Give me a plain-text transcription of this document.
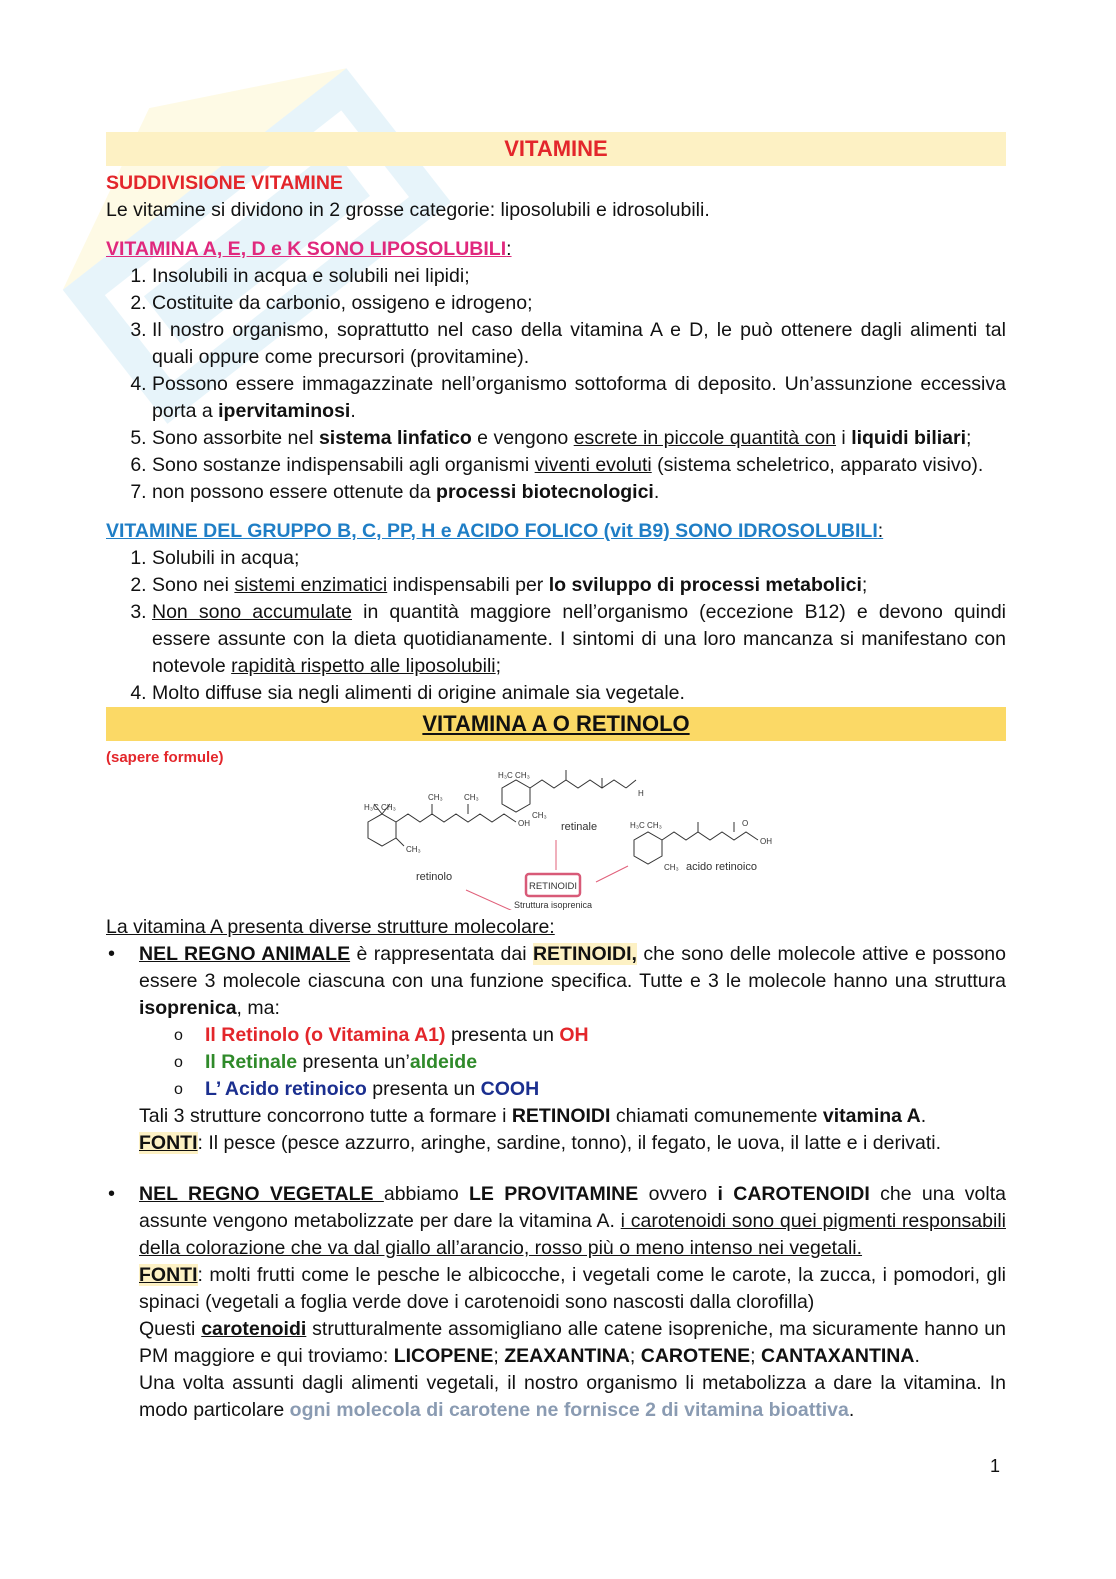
VITAMINE
SUDDIVISIONE VITAMINE

Le vitamine si dividono in 2 grosse categorie: liposolubili e idrosolubili.

VITAMINA A, E, D e K SONO LIPOSOLUBILI:
1. Insolubili in acqua e solubili nei lipidi;
2. Costituite da carbonio, ossigeno e idrogeno;
3. Il nostro organismo, soprattutto nel caso della vitamina A e D, le può ottenere dagli alimenti tal quali oppure come precursori (provitamine).
4. Possono essere immagazzinate nell’organismo sottoforma di deposito. Un’assunzione eccessiva porta a ipervitaminosi.
5. Sono assorbite nel sistema linfatico e vengono escrete in piccole quantità con i liquidi biliari;
6. Sono sostanze indispensabili agli organismi viventi evoluti (sistema scheletrico, apparato visivo).
7. non possono essere ottenute da processi biotecnologici.
VITAMINE DEL GRUPPO B, C, PP, H e ACIDO FOLICO (vit B9) SONO IDROSOLUBILI:
1. Solubili in acqua;
2. Sono nei sistemi enzimatici indispensabili per lo sviluppo di processi metabolici;
3. Non sono accumulate in quantità maggiore nell’organismo (eccezione B12) e devono quindi essere assunte con la dieta quotidianamente. I sintomi di una loro mancanza si manifestano con notevole rapidità rispetto alle liposolubili;
4. Molto diffuse sia negli alimenti di origine animale sia vegetale.
VITAMINA A O RETINOLO
(sapere formule)
H₃C CH₃
CH₃	CH₃
OH
CH₃
retinolo
H₃C CH₃
H
CH₃
retinale	H₃C CH₃	O
OH
CH₃ acido retinoico
RETINOIDI
Struttura isoprenica

La vitamina A presenta diverse strutture molecolare:

• NEL REGNO ANIMALE è rappresentata dai RETINOIDI, che sono delle molecole attive e possono essere 3 molecole ciascuna con una funzione specifica. Tutte e 3 le molecole hanno una struttura isoprenica, ma:
o Il Retinolo (o Vitamina A1) presenta un OH
o Il Retinale presenta un’aldeide
o L’ Acido retinoico presenta un COOH
Tali 3 strutture concorrono tutte a formare i RETINOIDI chiamati comunemente vitamina A.
FONTI: Il pesce (pesce azzurro, aringhe, sardine, tonno), il fegato, le uova, il latte e i derivati.
• NEL REGNO VEGETALE abbiamo LE PROVITAMINE ovvero i CAROTENOIDI che una volta assunte vengono metabolizzate per dare la vitamina A. i carotenoidi sono quei pigmenti responsabili della colorazione che va dal giallo all’arancio, rosso più o meno intenso nei vegetali.
FONTI: molti frutti come le pesche le albicocche, i vegetali come le carote, la zucca, i pomodori, gli spinaci (vegetali a foglia verde dove i carotenoidi sono nascosti dalla clorofilla)
Questi carotenoidi strutturalmente assomigliano alle catene isopreniche, ma sicuramente hanno un PM maggiore e qui troviamo: LICOPENE; ZEAXANTINA; CAROTENE; CANTAXANTINA.
Una volta assunti dagli alimenti vegetali, il nostro organismo li metabolizza a dare la vitamina. In modo particolare ogni molecola di carotene ne fornisce 2 di vitamina bioattiva.
1
